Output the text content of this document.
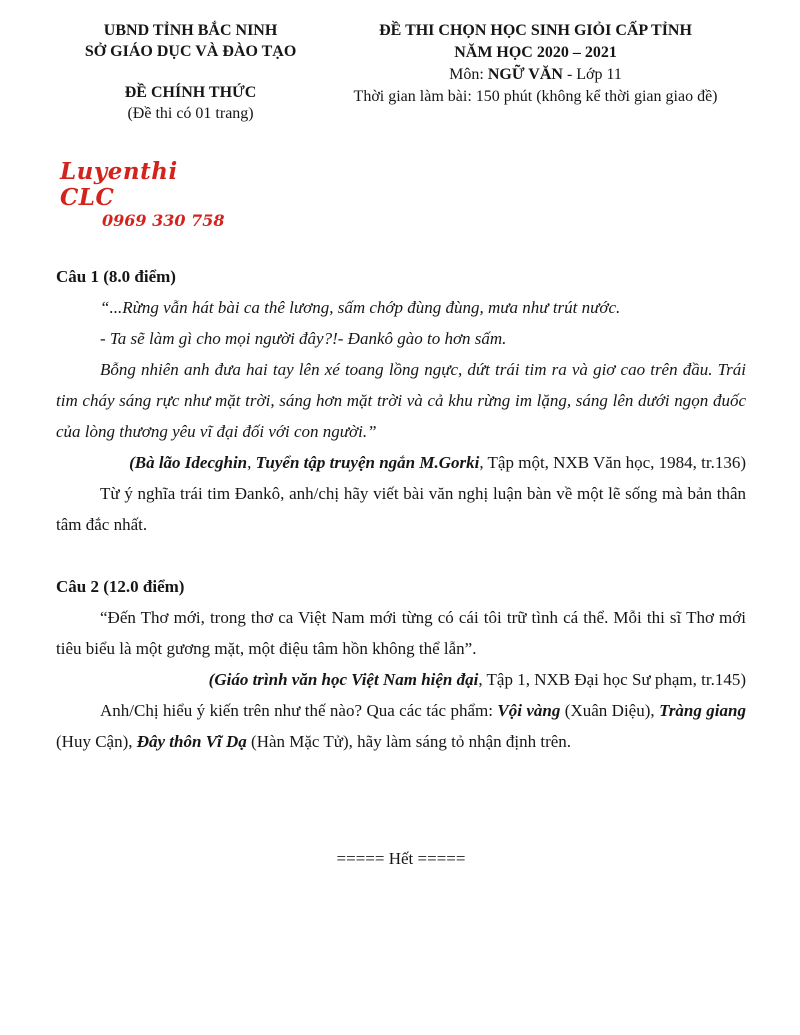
UBND TỈNH BẮC NINH
SỞ GIÁO DỤC VÀ ĐÀO TẠO
ĐỀ CHÍNH THỨC
(Đề thi có 01 trang)
ĐỀ THI CHỌN HỌC SINH GIỎI CẤP TỈNH
NĂM HỌC 2020 – 2021
Môn: NGỮ VĂN - Lớp 11
Thời gian làm bài: 150 phút (không kể thời gian giao đề)
Luyenthi CLC
0969 330 758

Câu 1 (8.0 điểm)

“...Rừng vẫn hát bài ca thê lương, sấm chớp đùng đùng, mưa như trút nước.

- Ta sẽ làm gì cho mọi người đây?!- Đankô gào to hơn sấm.

Bỗng nhiên anh đưa hai tay lên xé toang lồng ngực, dứt trái tim ra và giơ cao trên đầu. Trái tim cháy sáng rực như mặt trời, sáng hơn mặt trời và cả khu rừng im lặng, sáng lên dưới ngọn đuốc của lòng thương yêu vĩ đại đối với con người.”

(Bà lão Idecghin, Tuyển tập truyện ngắn M.Gorki, Tập một, NXB Văn học, 1984, tr.136)

Từ ý nghĩa trái tim Đankô, anh/chị hãy viết bài văn nghị luận bàn về một lẽ sống mà bản thân tâm đắc nhất.

Câu 2 (12.0 điểm)

“Đến Thơ mới, trong thơ ca Việt Nam mới từng có cái tôi trữ tình cá thể. Mỗi thi sĩ Thơ mới tiêu biểu là một gương mặt, một điệu tâm hồn không thể lẫn”.

(Giáo trình văn học Việt Nam hiện đại, Tập 1, NXB Đại học Sư phạm, tr.145)

Anh/Chị hiểu ý kiến trên như thế nào? Qua các tác phẩm: Vội vàng (Xuân Diệu), Tràng giang (Huy Cận), Đây thôn Vĩ Dạ (Hàn Mặc Tử), hãy làm sáng tỏ nhận định trên.

===== Hết =====
